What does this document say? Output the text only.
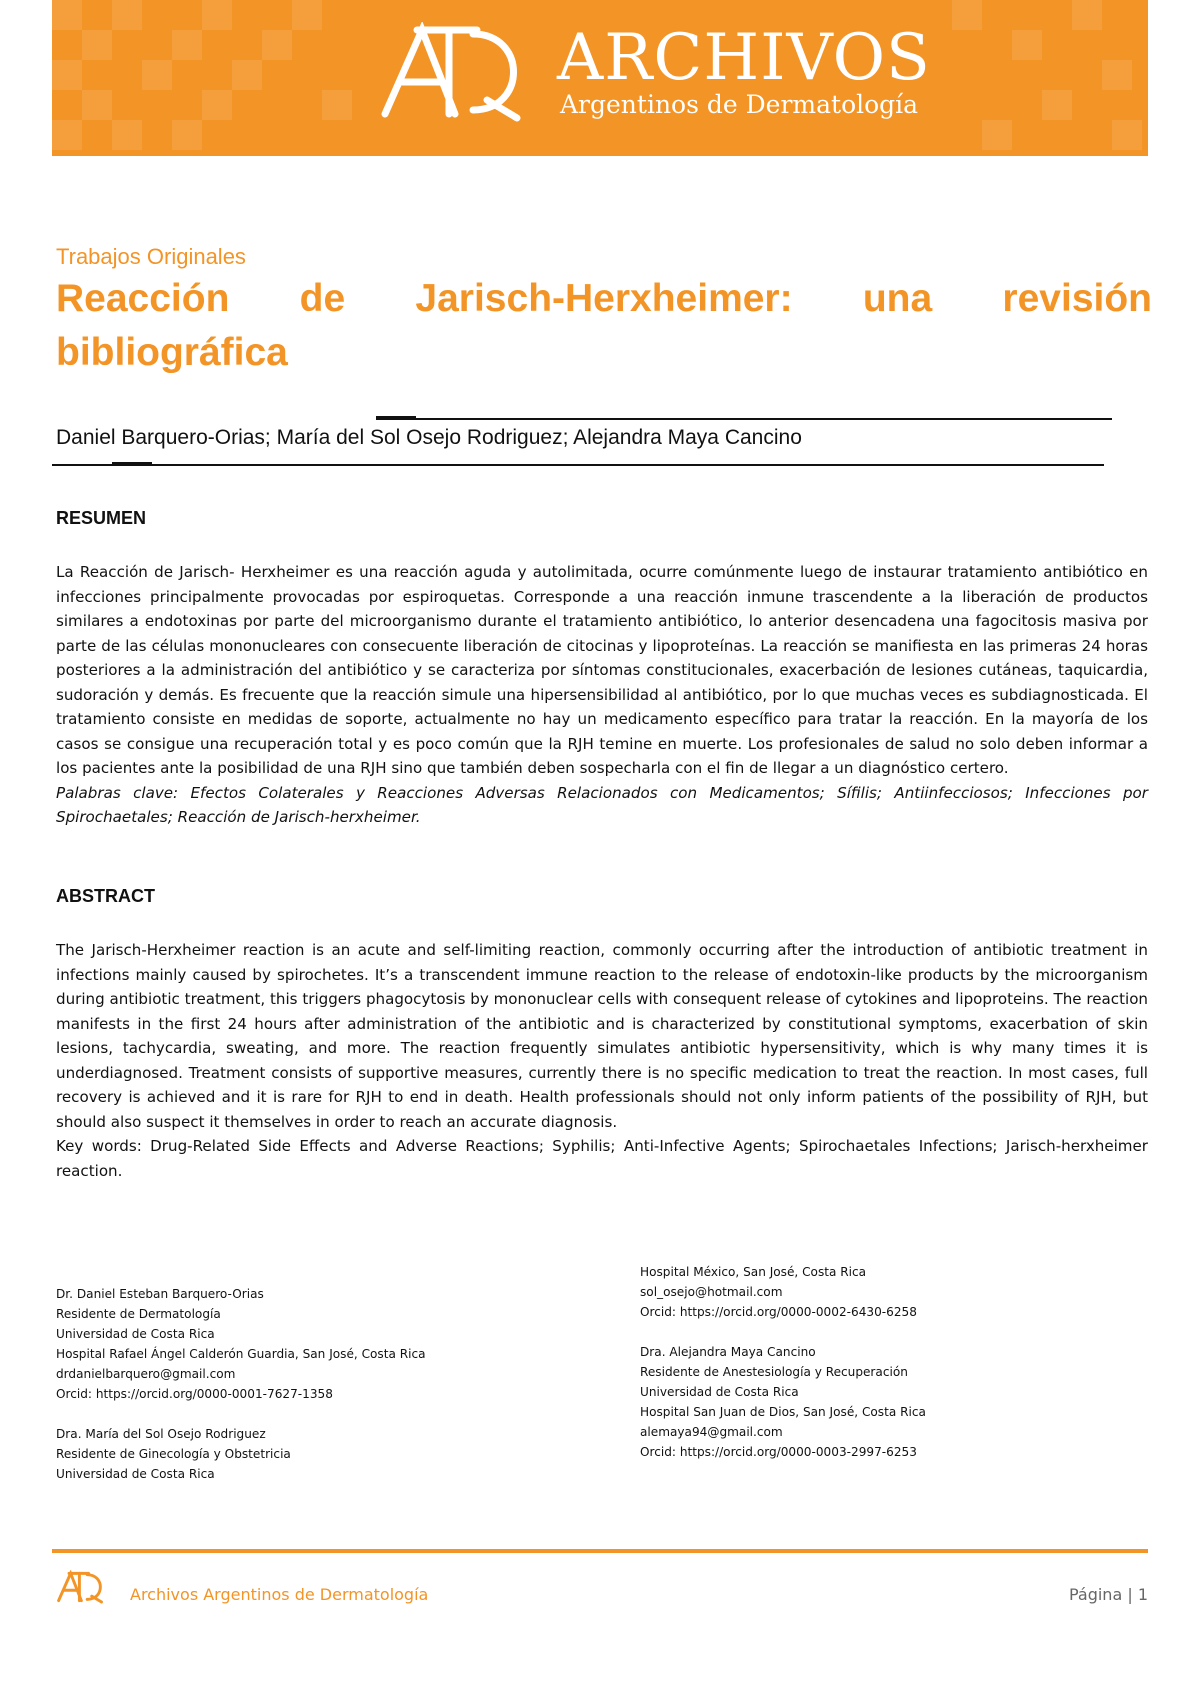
ARCHIVOS
Argentinos de Dermatología
Trabajos Originales
Reacción de Jarisch-Herxheimer: una revisión bibliográfica
Daniel Barquero-Orias; María del Sol Osejo Rodriguez; Alejandra Maya Cancino
RESUMEN

La Reacción de Jarisch- Herxheimer es una reacción aguda y autolimitada, ocurre comúnmente luego de instaurar tratamiento antibiótico en infecciones principalmente provocadas por espiroquetas. Corresponde a una reacción inmune trascendente a la liberación de productos similares a endotoxinas por parte del microorganismo durante el tratamiento antibiótico, lo anterior desencadena una fagocitosis masiva por parte de las células mononucleares con consecuente liberación de citocinas y lipoproteínas. La reacción se manifiesta en las primeras 24 horas posteriores a la administración del antibiótico y se caracteriza por síntomas constitucionales, exacerbación de lesiones cutáneas, taquicardia, sudoración y demás. Es frecuente que la reacción simule una hipersensibilidad al antibiótico, por lo que muchas veces es subdiagnosticada. El tratamiento consiste en medidas de soporte, actualmente no hay un medicamento específico para tratar la reacción. En la mayoría de los casos se consigue una recuperación total y es poco común que la RJH temine en muerte. Los profesionales de salud no solo deben informar a los pacientes ante la posibilidad de una RJH sino que también deben sospecharla con el fin de llegar a un diagnóstico certero.

Palabras clave: Efectos Colaterales y Reacciones Adversas Relacionados con Medicamentos; Sífilis; Antiinfecciosos; Infecciones por Spirochaetales; Reacción de Jarisch-herxheimer.

ABSTRACT

The Jarisch-Herxheimer reaction is an acute and self-limiting reaction, commonly occurring after the introduction of antibiotic treatment in infections mainly caused by spirochetes. It’s a transcendent immune reaction to the release of endotoxin-like products by the microorganism during antibiotic treatment, this triggers phagocytosis by mononuclear cells with consequent release of cytokines and lipoproteins. The reaction manifests in the first 24 hours after administration of the antibiotic and is characterized by constitutional symptoms, exacerbation of skin lesions, tachycardia, sweating, and more. The reaction frequently simulates antibiotic hypersensitivity, which is why many times it is underdiagnosed. Treatment consists of supportive measures, currently there is no specific medication to treat the reaction. In most cases, full recovery is achieved and it is rare for RJH to end in death. Health professionals should not only inform patients of the possibility of RJH, but should also suspect it themselves in order to reach an accurate diagnosis.

Key words: Drug-Related Side Effects and Adverse Reactions; Syphilis; Anti-Infective Agents; Spirochaetales Infections; Jarisch-herxheimer reaction.

Dr. Daniel Esteban Barquero-Orias
Residente de Dermatología
Universidad de Costa Rica
Hospital Rafael Ángel Calderón Guardia, San José, Costa Rica
drdanielbarquero@gmail.com
Orcid: https://orcid.org/0000-0001-7627-1358
Dra. María del Sol Osejo Rodriguez
Residente de Ginecología y Obstetricia
Universidad de Costa Rica
Hospital México, San José, Costa Rica
sol_osejo@hotmail.com
Orcid: https://orcid.org/0000-0002-6430-6258
Dra. Alejandra Maya Cancino
Residente de Anestesiología y Recuperación
Universidad de Costa Rica
Hospital San Juan de Dios, San José, Costa Rica
alemaya94@gmail.com
Orcid: https://orcid.org/0000-0003-2997-6253
Archivos Argentinos de Dermatología	Página | 1
